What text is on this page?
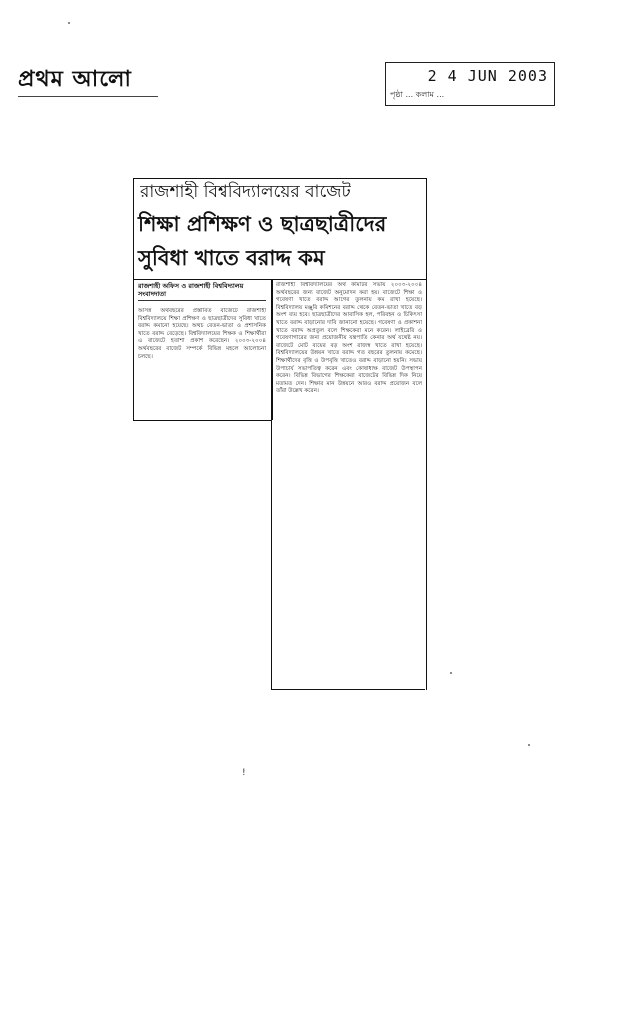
প্রথম আলো	2 4 JUN 2003
পৃষ্ঠা ... কলাম ...
রাজশাহী বিশ্ববিদ্যালয়ের বাজেট
শিক্ষা প্রশিক্ষণ ও ছাত্রছাত্রীদের সুবিধা খাতে বরাদ্দ কম
রাজশাহী অফিস ও রাজশাহী বিশ্ববিদ্যালয় সংবাদদাতা
আসন্ন অর্থবছরের প্রস্তাবিত বাজেটে রাজশাহী বিশ্ববিদ্যালয়ে শিক্ষা প্রশিক্ষণ ও ছাত্রছাত্রীদের সুবিধা খাতে বরাদ্দ কমানো হয়েছে। অথচ বেতন-ভাতা ও প্রশাসনিক খাতে বরাদ্দ বেড়েছে। বিশ্ববিদ্যালয়ের শিক্ষক ও শিক্ষার্থীরা এ বাজেটে হতাশা প্রকাশ করেছেন। ২০০৩-২০০৪ অর্থবছরের বাজেট সম্পর্কে বিভিন্ন মহলে আলোচনা চলছে।
রাজশাহী বিশ্ববিদ্যালয়ের অর্থ কমিটির সভায় ২০০৩-২০০৪ অর্থবছরের জন্য বাজেট অনুমোদন করা হয়। বাজেটে শিক্ষা ও গবেষণা খাতে বরাদ্দ আগের তুলনায় কম রাখা হয়েছে। বিশ্ববিদ্যালয় মঞ্জুরি কমিশনের বরাদ্দ থেকে বেতন-ভাতা খাতে বড় অংশ ব্যয় হবে। ছাত্রছাত্রীদের আবাসিক হল, পরিবহন ও চিকিৎসা খাতে বরাদ্দ বাড়ানোর দাবি জানানো হয়েছে। গবেষণা ও প্রকাশনা খাতে বরাদ্দ অপ্রতুল বলে শিক্ষকেরা মনে করেন। লাইব্রেরি ও গবেষণাগারের জন্য প্রয়োজনীয় যন্ত্রপাতি কেনার অর্থ যথেষ্ট নয়। বাজেটে মোট ব্যয়ের বড় অংশ রাজস্ব খাতে রাখা হয়েছে। বিশ্ববিদ্যালয়ের উন্নয়ন খাতে বরাদ্দ গত বছরের তুলনায় কমেছে। শিক্ষার্থীদের বৃত্তি ও উপবৃত্তি খাতেও বরাদ্দ বাড়ানো হয়নি। সভায় উপাচার্য সভাপতিত্ব করেন এবং কোষাধ্যক্ষ বাজেট উপস্থাপন করেন। বিভিন্ন বিভাগের শিক্ষকেরা বাজেটের বিভিন্ন দিক নিয়ে মতামত দেন। শিক্ষার মান উন্নয়নে আরও বরাদ্দ প্রয়োজন বলে তাঁরা উল্লেখ করেন।
!
